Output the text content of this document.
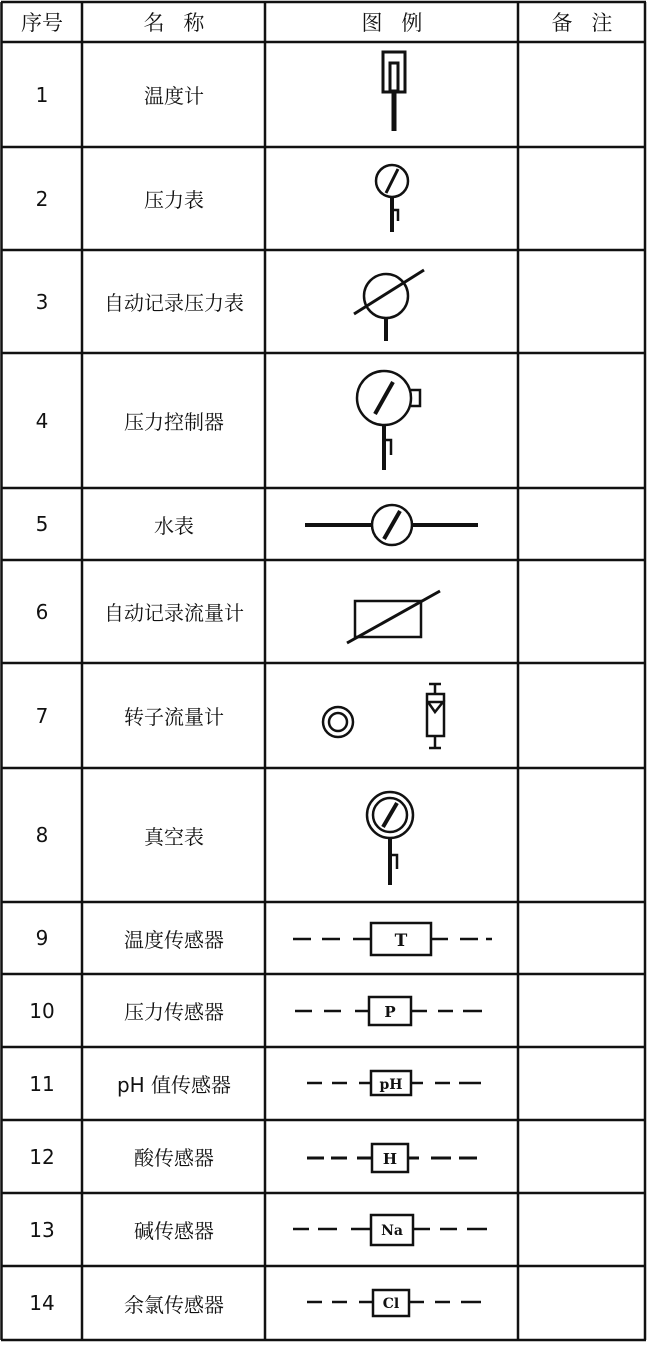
序号	名称	图例	备注
1	温度计
2	压力表
3	自动记录压力表
4	压力控制器
5	水表
6	自动记录流量计
7	转子流量计
8	真空表
9	温度传感器	T
10	压力传感器	P
11	pH 值传感器	pH
12	酸传感器	H
13	碱传感器	Na
14	余氯传感器	Cl
